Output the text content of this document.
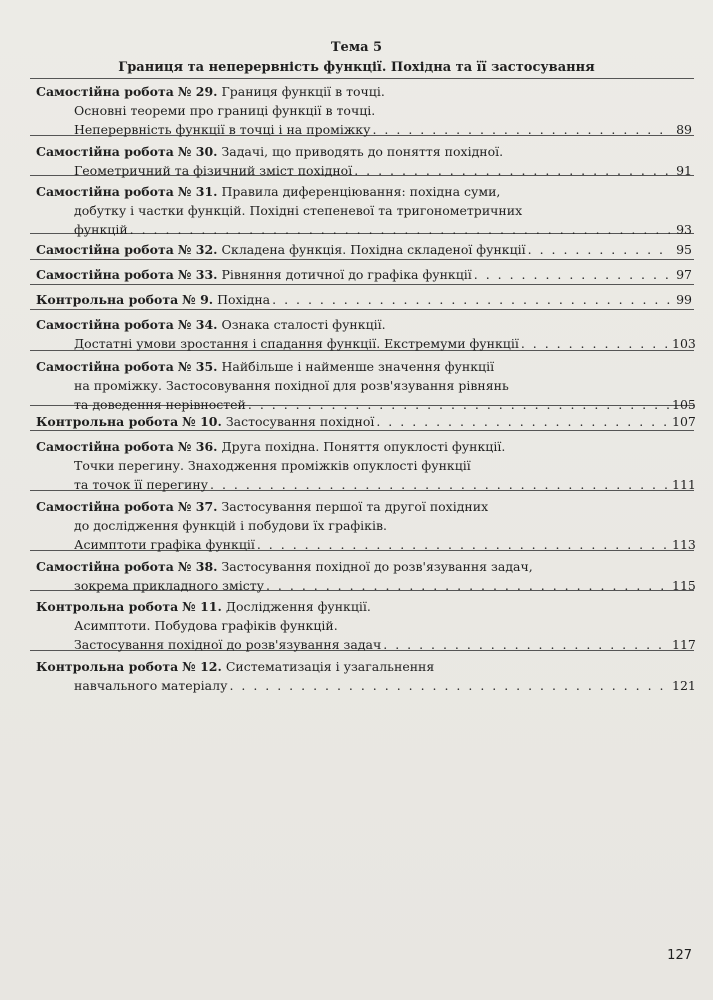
Тема 5
Границя та неперервність функції. Похідна та її застосування
Самостійна робота № 29. Границя функції в точці.
Основні теореми про границі функції в точці.
Неперервність функції в точці і на проміжку . . .	89
Самостійна робота № 30. Задачі, що приводять до поняття похідної.
Геометричний та фізичний зміст похідної . . .	91
Самостійна робота № 31. Правила диференціювання: похідна суми,
добутку і частки функцій. Похідні степеневої та тригонометричних
функцій . . .	93
Самостійна робота № 32. Складена функція. Похідна складеної функції . . .	95
Самостійна робота № 33. Рівняння дотичної до графіка функції . . .	97
Контрольна робота № 9. Похідна . . .	99
Самостійна робота № 34. Ознака сталості функції.
Достатні умови зростання і спадання функції. Екстремуми функції . . .	103
Самостійна робота № 35. Найбільше і найменше значення функції
на проміжку. Застосовування похідної для розв'язування рівнянь
та доведення нерівностей . . .	105
Контрольна робота № 10. Застосування похідної . . .	107
Самостійна робота № 36. Друга похідна. Поняття опуклості функції.
Точки перегину. Знаходження проміжків опуклості функції
та точок її перегину . . .	111
Самостійна робота № 37. Застосування першої та другої похідних
до дослідження функцій і побудови їх графіків.
Асимптоти графіка функції . . .	113
Самостійна робота № 38. Застосування похідної до розв'язування задач,
зокрема прикладного змісту . . .	115
Контрольна робота № 11. Дослідження функції.
Асимптоти. Побудова графіків функцій.
Застосування похідної до розв'язування задач . . .	117
Контрольна робота № 12. Систематизація і узагальнення
навчального матеріалу . . .	121
127
